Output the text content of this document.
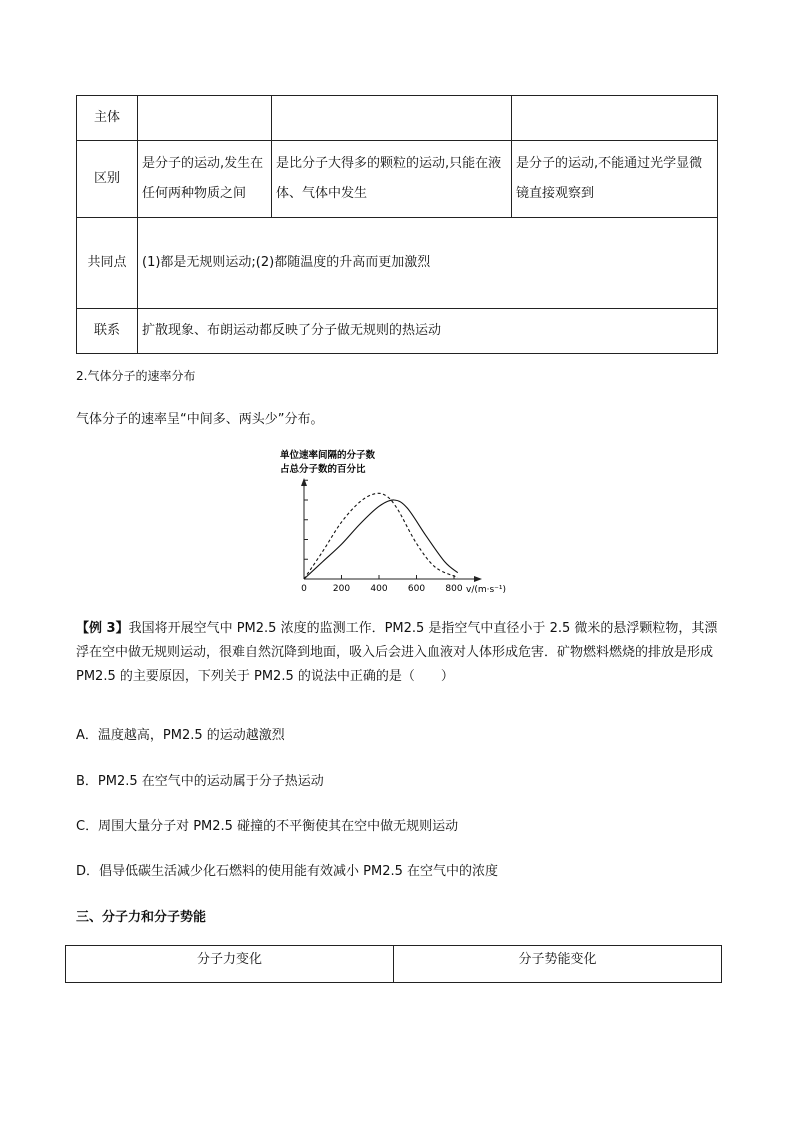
主体			
区别	是分子的运动,发生在任何两种物质之间	是比分子大得多的颗粒的运动,只能在液体、气体中发生	是分子的运动,不能通过光学显微镜直接观察到
共同点	(1)都是无规则运动;(2)都随温度的升高而更加激烈		
联系	扩散现象、布朗运动都反映了分子做无规则的热运动		
2.气体分子的速率分布
气体分子的速率呈“中间多、两头少”分布。
单位速率间隔的分子数
占总分子数的百分比
0	200 400 600 800 v/(m·s⁻¹)
【例 3】我国将开展空气中 PM2.5 浓度的监测工作．PM2.5 是指空气中直径小于 2.5 微米的悬浮颗粒物，其漂浮在空中做无规则运动，很难自然沉降到地面，吸入后会进入血液对人体形成危害．矿物燃料燃烧的排放是形成 PM2.5 的主要原因，下列关于 PM2.5 的说法中正确的是（　　）
A．温度越高，PM2.5 的运动越激烈
B．PM2.5 在空气中的运动属于分子热运动
C．周围大量分子对 PM2.5 碰撞的不平衡使其在空中做无规则运动
D．倡导低碳生活减少化石燃料的使用能有效减小 PM2.5 在空气中的浓度
三、分子力和分子势能
分子力变化	分子势能变化
